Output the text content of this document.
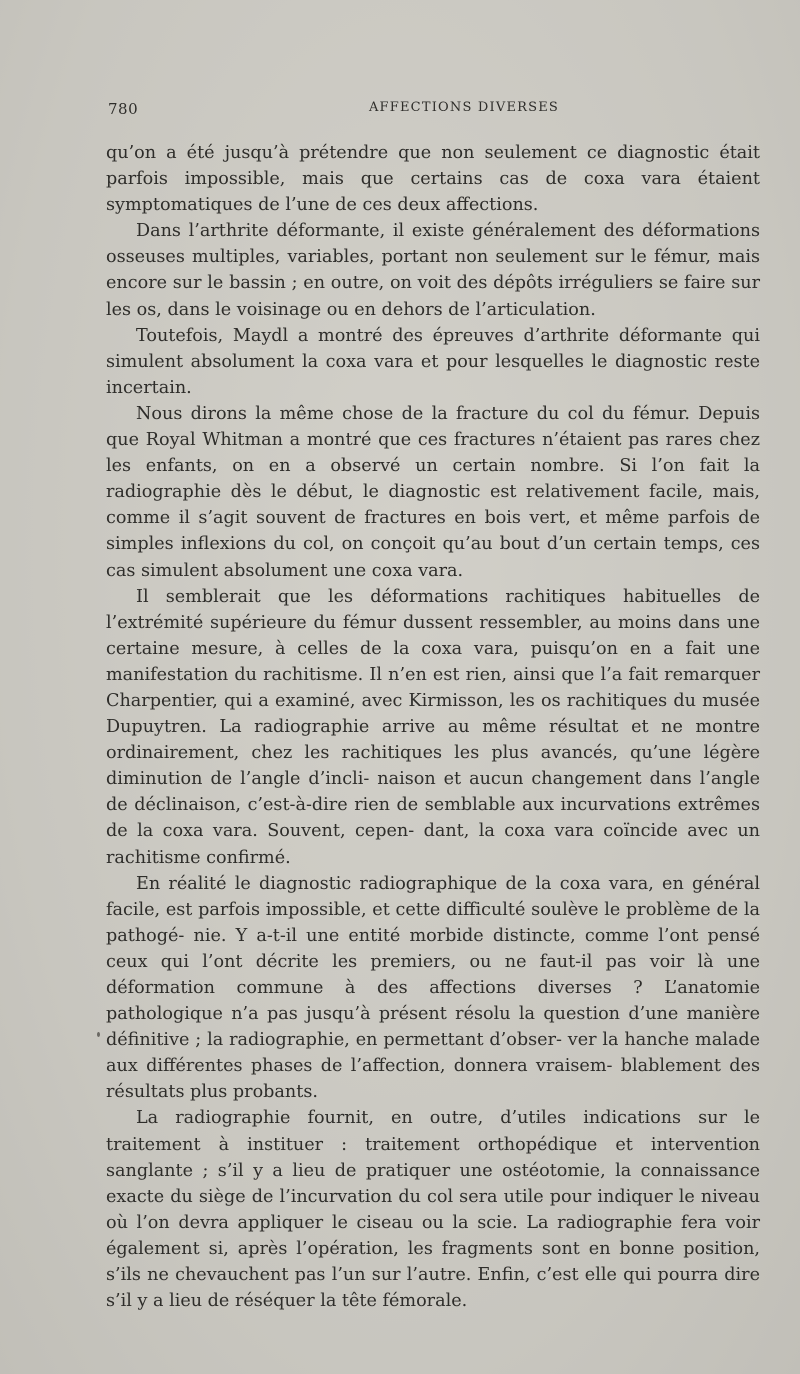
780	AFFECTIONS DIVERSES

qu’on a été jusqu’à prétendre que non seulement ce diagnostic était parfois impossible, mais que certains cas de coxa vara étaient symptomatiques de l’une de ces deux affections.

Dans l’arthrite déformante, il existe généralement des déformations osseuses multiples, variables, portant non seulement sur le fémur, mais encore sur le bassin ; en outre, on voit des dépôts irréguliers se faire sur les os, dans le voisinage ou en dehors de l’articulation.

Toutefois, Maydl a montré des épreuves d’arthrite déformante qui simulent absolument la coxa vara et pour lesquelles le diagnostic reste incertain.

Nous dirons la même chose de la fracture du col du fémur. Depuis que Royal Whitman a montré que ces fractures n’étaient pas rares chez les enfants, on en a observé un certain nombre. Si l’on fait la radiographie dès le début, le diagnostic est relativement facile, mais, comme il s’agit souvent de fractures en bois vert, et même parfois de simples inflexions du col, on conçoit qu’au bout d’un certain temps, ces cas simulent absolument une coxa vara.

Il semblerait que les déformations rachitiques habituelles de l’extrémité supérieure du fémur dussent ressembler, au moins dans une certaine mesure, à celles de la coxa vara, puisqu’on en a fait une manifestation du rachitisme. Il n’en est rien, ainsi que l’a fait remarquer Charpentier, qui a examiné, avec Kirmisson, les os rachitiques du musée Dupuytren. La radiographie arrive au même résultat et ne montre ordinairement, chez les rachitiques les plus avancés, qu’une légère diminution de l’angle d’incli- naison et aucun changement dans l’angle de déclinaison, c’est-à-dire rien de semblable aux incurvations extrêmes de la coxa vara. Souvent, cepen- dant, la coxa vara coïncide avec un rachitisme confirmé.

En réalité le diagnostic radiographique de la coxa vara, en général facile, est parfois impossible, et cette difficulté soulève le problème de la pathogé- nie. Y a-t-il une entité morbide distincte, comme l’ont pensé ceux qui l’ont décrite les premiers, ou ne faut-il pas voir là une déformation commune à des affections diverses ? L’anatomie pathologique n’a pas jusqu’à présent résolu la question d’une manière définitive ; la radiographie, en permettant d’obser- ver la hanche malade aux différentes phases de l’affection, donnera vraisem- blablement des résultats plus probants.

La radiographie fournit, en outre, d’utiles indications sur le traitement à instituer : traitement orthopédique et intervention sanglante ; s’il y a lieu de pratiquer une ostéotomie, la connaissance exacte du siège de l’incurvation du col sera utile pour indiquer le niveau où l’on devra appliquer le ciseau ou la scie. La radiographie fera voir également si, après l’opération, les fragments sont en bonne position, s’ils ne chevauchent pas l’un sur l’autre. Enfin, c’est elle qui pourra dire s’il y a lieu de réséquer la tête fémorale.
